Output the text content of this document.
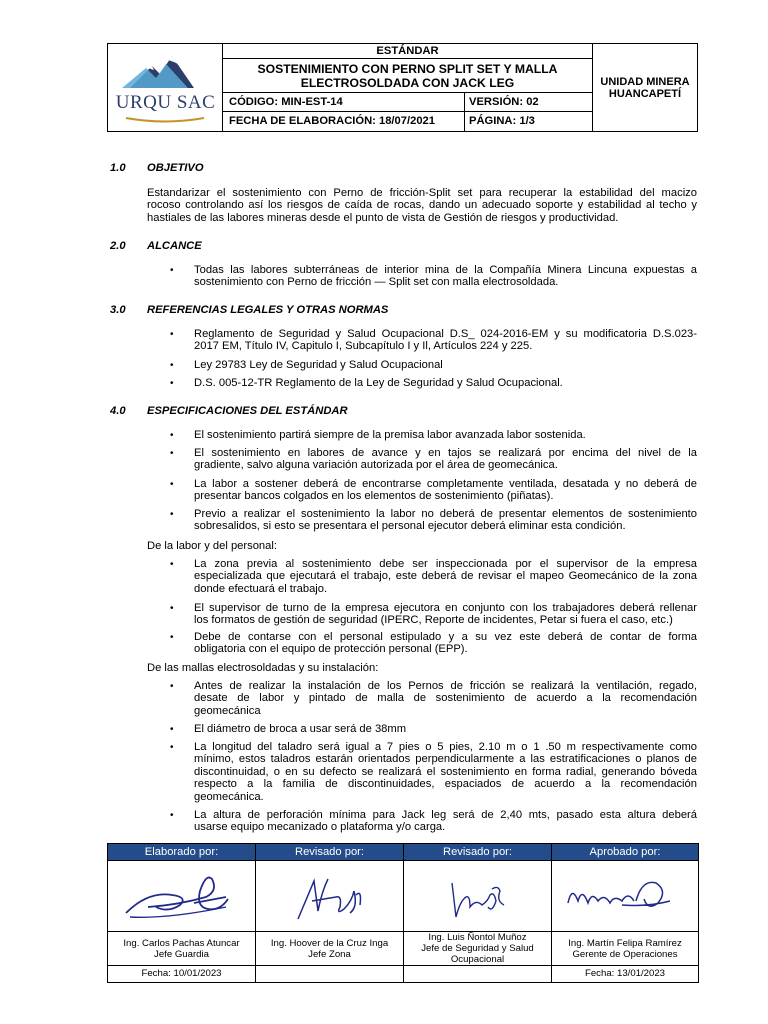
URQU SAC
ESTÁNDAR
SOSTENIMIENTO CON PERNO SPLIT SET Y MALLA
ELECTROSOLDADA CON JACK LEG
CÓDIGO: MIN-EST-14	VERSIÓN: 02
FECHA DE ELABORACIÓN: 18/07/2021	PÁGINA: 1/3
UNIDAD MINERA
HUANCAPETÍ
1.0 OBJETIVO
Estandarizar el sostenimiento con Perno de fricción-Split set para recuperar la estabilidad del macizo
rocoso controlando así los riesgos de caída de rocas, dando un adecuado soporte y estabilidad al techo y
hastiales de las labores mineras desde el punto de vista de Gestión de riesgos y productividad.
2.0 ALCANCE
• Todas las labores subterráneas de interior mina de la Compañía Minera Lincuna expuestas a
sostenimiento con Perno de fricción — Split set con malla electrosoldada.
3.0 REFERENCIAS LEGALES Y OTRAS NORMAS
• Reglamento de Seguridad y Salud Ocupacional D.S_ 024-2016-EM y su modificatoria D.S.023-
2017 EM, Título IV, Capitulo I, Subcapítulo I y Il, Artículos 224 y 225.
• Ley 29783 Ley de Seguridad y Salud Ocupacional
• D.S. 005-12-TR Reglamento de la Ley de Seguridad y Salud Ocupacional.
4.0 ESPECIFICACIONES DEL ESTÁNDAR
• El sostenimiento partirá siempre de la premisa labor avanzada labor sostenida.
• El sostenimiento en labores de avance y en tajos se realizará por encima del nivel de la
gradiente, salvo alguna variación autorizada por el área de geomecánica.
• La labor a sostener deberá de encontrarse completamente ventilada, desatada y no deberá de
presentar bancos colgados en los elementos de sostenimiento (piñatas).
• Previo a realizar el sostenimiento la labor no deberá de presentar elementos de sostenimiento
sobresalidos, si esto se presentara el personal ejecutor deberá eliminar esta condición.
De la labor y del personal:
• La zona previa al sostenimiento debe ser inspeccionada por el supervisor de la empresa
especializada que ejecutará el trabajo, este deberá de revisar el mapeo Geomecánico de la zona
donde efectuará el trabajo.
• El supervisor de turno de la empresa ejecutora en conjunto con los trabajadores deberá rellenar
los formatos de gestión de seguridad (IPERC, Reporte de incidentes, Petar si fuera el caso, etc.)
• Debe de contarse con el personal estipulado y a su vez este deberá de contar de forma
obligatoria con el equipo de protección personal (EPP).
De las mallas electrosoldadas y su instalación:
• Antes de realizar la instalación de los Pernos de fricción se realizará la ventilación, regado,
desate de labor y pintado de malla de sostenimiento de acuerdo a la recomendación
geomecánica
• El diámetro de broca a usar será de 38mm
• La longitud del taladro será igual a 7 pies o 5 pies, 2.10 m o 1 .50 m respectivamente como
mínimo, estos taladros estarán orientados perpendicularmente a las estratificaciones o planos de
discontinuidad, o en su defecto se realizará el sostenimiento en forma radial, generando bóveda
respecto a la familia de discontinuidades, espaciados de acuerdo a la recomendación
geomecánica.
• La altura de perforación mínima para Jack leg será de 2,40 mts, pasado esta altura deberá
usarse equipo mecanizado o plataforma y/o carga.
Elaborado por:
Ing. Carlos Pachas Atuncar
Jefe Guardia
Fecha: 10/01/2023
Revisado por:
Ing. Hoover de la Cruz Inga
Jefe Zona
Revisado por:
Ing. Luis Ñontol Muñoz
Jefe de Seguridad y Salud
Ocupacional
Aprobado por:
Ing. Martín Felipa Ramírez
Gerente de Operaciones
Fecha: 13/01/2023
